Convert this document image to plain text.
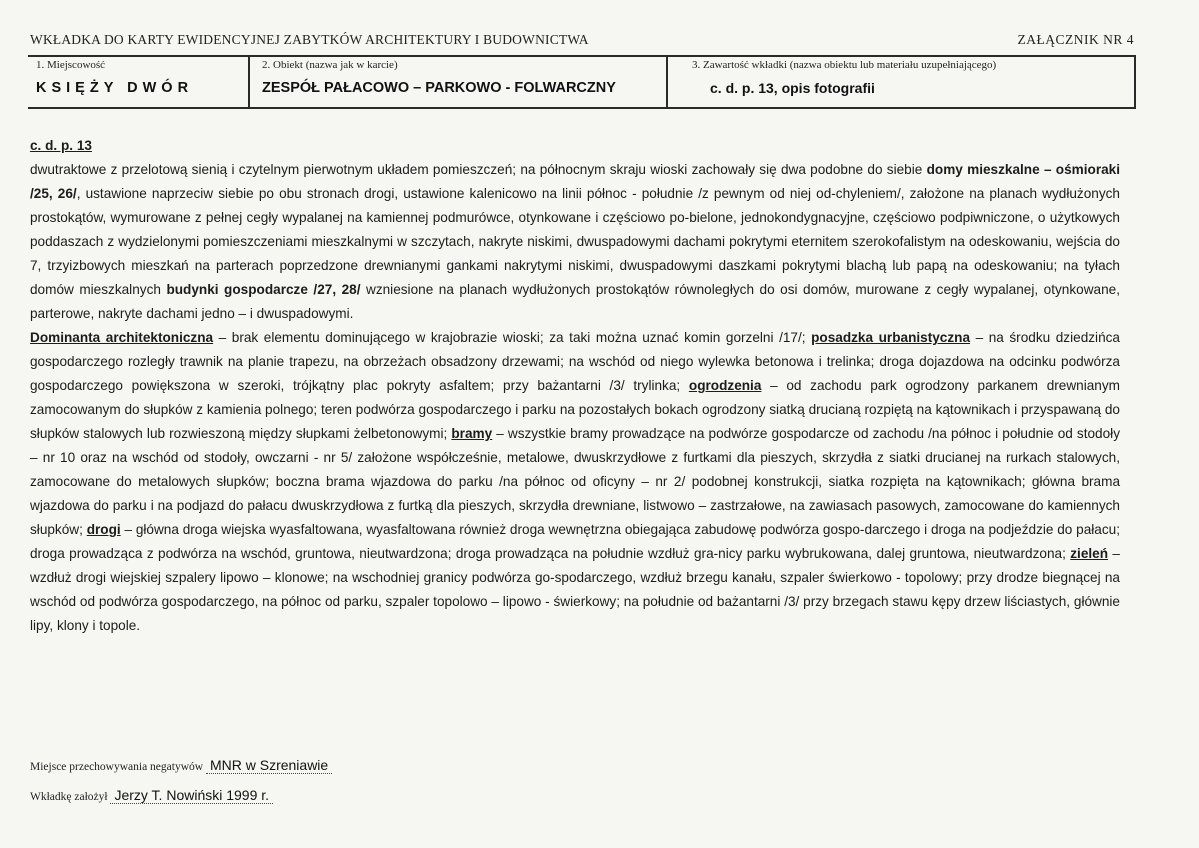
WKŁADKA DO KARTY EWIDENCYJNEJ ZABYTKÓW ARCHITEKTURY I BUDOWNICTWA	ZAŁĄCZNIK NR 4
1. Miejscowość
KSIĘŻY DWÓR
2. Obiekt (nazwa jak w karcie)
ZESPÓŁ PAŁACOWO – PARKOWO - FOLWARCZNY
3. Zawartość wkładki (nazwa obiektu lub materiału uzupełniającego)
c. d. p. 13, opis fotografii
c. d. p. 13

dwutraktowe z przelotową sienią i czytelnym pierwotnym układem pomieszczeń; na północnym skraju wioski zachowały się dwa podobne do siebie domy mieszkalne – ośmioraki /25, 26/, ustawione naprzeciw siebie po obu stronach drogi, ustawione kalenicowo na linii północ - południe /z pewnym od niej od-chyleniem/, założone na planach wydłużonych prostokątów, wymurowane z pełnej cegły wypalanej na kamiennej podmurówce, otynkowane i częściowo po-bielone, jednokondygnacyjne, częściowo podpiwniczone, o użytkowych poddaszach z wydzielonymi pomieszczeniami mieszkalnymi w szczytach, nakryte niskimi, dwuspadowymi dachami pokrytymi eternitem szerokofalistym na odeskowaniu, wejścia do 7, trzyizbowych mieszkań na parterach poprzedzone drewnianymi gankami nakrytymi niskimi, dwuspadowymi daszkami pokrytymi blachą lub papą na odeskowaniu; na tyłach domów mieszkalnych budynki gospodarcze /27, 28/ wzniesione na planach wydłużonych prostokątów równoległych do osi domów, murowane z cegły wypalanej, otynkowane, parterowe, nakryte dachami jedno – i dwuspadowymi.

Dominanta architektoniczna – brak elementu dominującego w krajobrazie wioski; za taki można uznać komin gorzelni /17/; posadzka urbanistyczna – na środku dziedzińca gospodarczego rozległy trawnik na planie trapezu, na obrzeżach obsadzony drzewami; na wschód od niego wylewka betonowa i trelinka; droga dojazdowa na odcinku podwórza gospodarczego powiększona w szeroki, trójkątny plac pokryty asfaltem; przy bażantarni /3/ trylinka; ogrodzenia – od zachodu park ogrodzony parkanem drewnianym zamocowanym do słupków z kamienia polnego; teren podwórza gospodarczego i parku na pozostałych bokach ogrodzony siatką drucianą rozpiętą na kątownikach i przyspawaną do słupków stalowych lub rozwieszoną między słupkami żelbetonowymi; bramy – wszystkie bramy prowadzące na podwórze gospodarcze od zachodu /na północ i południe od stodoły – nr 10 oraz na wschód od stodoły, owczarni - nr 5/ założone współcześnie, metalowe, dwuskrzydłowe z furtkami dla pieszych, skrzydła z siatki drucianej na rurkach stalowych, zamocowane do metalowych słupków; boczna brama wjazdowa do parku /na północ od oficyny – nr 2/ podobnej konstrukcji, siatka rozpięta na kątownikach; główna brama wjazdowa do parku i na podjazd do pałacu dwuskrzydłowa z furtką dla pieszych, skrzydła drewniane, listwowo – zastrzałowe, na zawiasach pasowych, zamocowane do kamiennych słupków; drogi – główna droga wiejska wyasfaltowana, wyasfaltowana również droga wewnętrzna obiegająca zabudowę podwórza gospo-darczego i droga na podjeździe do pałacu; droga prowadząca z podwórza na wschód, gruntowa, nieutwardzona; droga prowadząca na południe wzdłuż gra-nicy parku wybrukowana, dalej gruntowa, nieutwardzona; zieleń – wzdłuż drogi wiejskiej szpalery lipowo – klonowe; na wschodniej granicy podwórza go-spodarczego, wzdłuż brzegu kanału, szpaler świerkowo - topolowy; przy drodze biegnącej na wschód od podwórza gospodarczego, na północ od parku, szpaler topolowo – lipowo - świerkowy; na południe od bażantarni /3/ przy brzegach stawu kępy drzew liściastych, głównie lipy, klony i topole.

Miejsce przechowywania negatywów MNR w Szreniawie
Wkładkę założył Jerzy T. Nowiński 1999 r.
